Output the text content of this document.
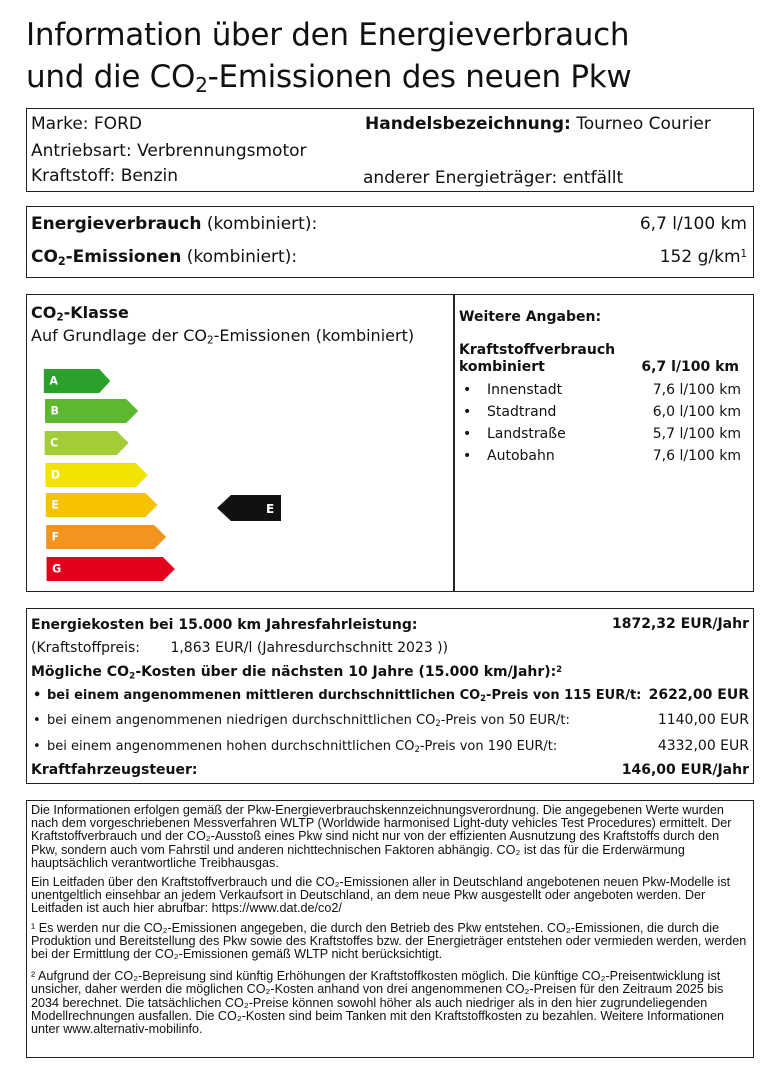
Information über den Energieverbrauch
und die $CO_2$-Emissionen des neuen Pkw
Marke: FORD	Handelsbezeichnung: Tourneo Courier
Antriebsart: Verbrennungsmotor
Kraftstoff: Benzin	anderer Energieträger: entfällt
Energieverbrauch (kombiniert):	6,7 l/100 km
$CO_2$-Emissionen (kombiniert):	152 $g/km^1$
$CO_2$-Klasse
Auf Grundlage der $CO_2$-Emissionen (kombiniert)
A
B
C
D
E
F
G
E
Weitere Angaben:
Kraftstoffverbrauch
kombiniert	6,7 l/100 km
• Innenstadt	7,6 l/100 km
• Stadtrand	6,0 l/100 km
• Landstraße	5,7 l/100 km
• Autobahn	7,6 l/100 km
Energiekosten bei 15.000 km Jahresfahrleistung:	1872,32 EUR/Jahr
(Kraftstoffpreis: 1,863 EUR/l (Jahresdurchschnitt 2023 ))
Mögliche $CO_2$-Kosten über die nächsten 10 Jahre (15.000 km/Jahr):$^2$
• bei einem angenommenen mittleren durchschnittlichen $CO_2$-Preis von 115 EUR/t: 2622,00 EUR
• bei einem angenommenen niedrigen durchschnittlichen $CO_2$-Preis von 50 EUR/t:	1140,00 EUR
• bei einem angenommenen hohen durchschnittlichen $CO_2$-Preis von 190 EUR/t:	4332,00 EUR
Kraftfahrzeugsteuer:	146,00 EUR/Jahr

Die Informationen erfolgen gemäß der Pkw-Energieverbrauchskennzeichnungsverordnung. Die angegebenen Werte wurden nach dem vorgeschriebenen Messverfahren WLTP (Worldwide harmonised Light-duty vehicles Test Procedures) ermittelt. Der Kraftstoffverbrauch und der CO₂-Ausstoß eines Pkw sind nicht nur von der effizienten Ausnutzung des Kraftstoffs durch den Pkw, sondern auch vom Fahrstil und anderen nichttechnischen Faktoren abhängig. CO₂ ist das für die Erderwärmung hauptsächlich verantwortliche Treibhausgas.

Ein Leitfaden über den Kraftstoffverbrauch und die CO₂-Emissionen aller in Deutschland angebotenen neuen Pkw-Modelle ist unentgeltlich einsehbar an jedem Verkaufsort in Deutschland, an dem neue Pkw ausgestellt oder angeboten werden. Der Leitfaden ist auch hier abrufbar: https://www.dat.de/co2/

¹ Es werden nur die CO₂-Emissionen angegeben, die durch den Betrieb des Pkw entstehen. CO₂-Emissionen, die durch die Produktion und Bereitstellung des Pkw sowie des Kraftstoffes bzw. der Energieträger entstehen oder vermieden werden, werden bei der Ermittlung der CO₂-Emissionen gemäß WLTP nicht berücksichtigt.

² Aufgrund der CO₂-Bepreisung sind künftig Erhöhungen der Kraftstoffkosten möglich. Die künftige CO₂-Preisentwicklung ist unsicher, daher werden die möglichen CO₂-Kosten anhand von drei angenommenen CO₂-Preisen für den Zeitraum 2025 bis 2034 berechnet. Die tatsächlichen CO₂-Preise können sowohl höher als auch niedriger als in den hier zugrundeliegenden Modellrechnungen ausfallen. Die CO₂-Kosten sind beim Tanken mit den Kraftstoffkosten zu bezahlen. Weitere Informationen unter www.alternativ-mobilinfo.
